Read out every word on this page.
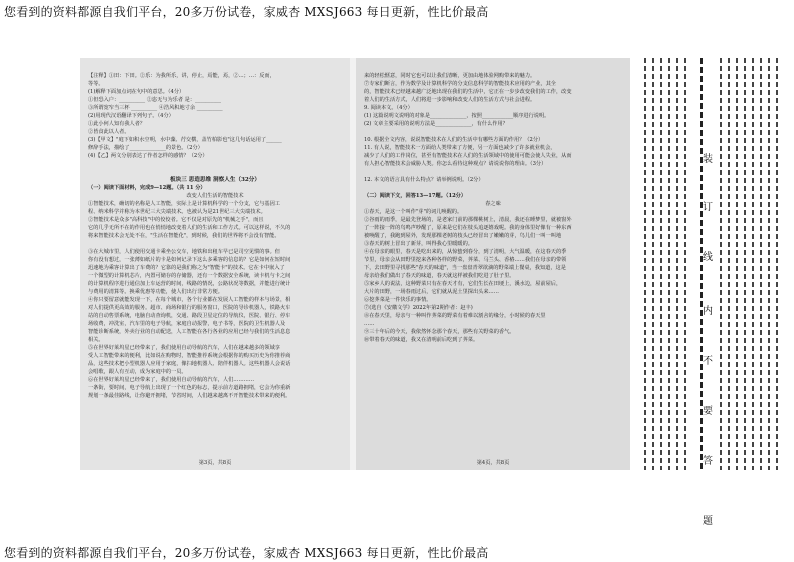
您看到的资料都源自我们平台，20多万份试卷，家威杏 MXSJ663 每日更新，性比价最高
【注释】①田：下田。②乐：为我所乐，讲，停止，焉能，焉，②…；…：反而，
等等。
(1)解释下面加点词在句中的意思。（4分）
①但恐入户：__________ ②恣无与为乐者 是：__________
③所谓宽窄当三杯 __________ ④浩风积地寸余 __________
(2)用现代汉语翻译下列句子。（4分）
①此小何人知有我人者？
②皆食此以人者。
(3)【甲文】"庭下如积水空明，水中藻、荇交横，盖竹柏影也"这几句话运用了______
修辞手法，描绘了______________的景色。（2分）
(4)【乙】两文分别表达了作者怎样的感情？（2分）

板块三 思造思维 洞察人生（32分）
（一）阅读下面材料，完成9—12题。（共 11 分）
改变人们生活的智能技术
①智能技术，确切的名称是人工智能，实际上是计算机科学的一个分支，它与基因工
程、纳米科学并称为本世纪三大尖端技术。也被认为是21世纪三大尖端技术。
②智能技术是众多"高科技"中的佼佼者。它不仅是对原先的"机械之手"，而且
它的几乎无所不在的作用也在悄悄地改变着人们的生活和工作方式。可以这样说，不久的
将来智能技术会无处不在，"生活在智能化"，到时候，我们的世界将不会没有智能。

③在大城市里，人们使用交通卡乘坐公交车，地铁和出租车早已是司空见惯的事。但
你有没有想过，一张薄如纸片的卡是如何记录下这么多乘客的信息的？它是如何在短时间
迅速地为乘客计算出了车费的？它靠的是我们称之为"智能卡"的技术。它在卡中嵌入了
一个微型的计算机芯片，内置可储存的存储器，还有一个数据安全系统，读卡机与卡之间
的计算机程序进行通信加上车运营的时间，线路的情况，公路状况等数据，并能进行统计
与费用的清算等。换乘优惠等功能，使人们出行非常方便。
④你只要留意就能发现一下，在每个城市，各个行业都在发展人工智能的样本与场景，相
对人们提供更高效的服务。超市、商场和银行的服务窗口，医院的导诊机器人，铁路火车
站的自动售票系统，电脑自动查询机，交通、路段卫星定位的导航仪，医院、银行、停车
场收费，冲洗室，汽车里的电子导航，家庭自动报警，电子书等，医院的卫生机器人及
智能诊断系统，外卖行业的自动配送，人工智能在各行各业的应用已经与我们的生活息息
相关。
⑤在世界好莱坞星已经带来了，我们使用自动导航的汽车，人们在越来越多的领域享
受人工智能带来的便利，比如说在购物时，智能推荐系统会根据你的购买历史为你推荐商
品，这些技术把小型机器人应用于家庭，像扫地机器人、陪伴机器人。这些机器人会说话
会唱歌，跟人有互动，成为家庭中的一员。
⑥在世界好莱坞星已经带来了，我们使用自动导航的汽车，人们…………
一条街，要时间，电子导航上出现了一个红色的标志，提示前方道路拥堵，它会为你重新
规划一条最佳路线，让你避开拥堵，节省时间，人们越来越离不开智能技术带来的便利。
第3页，共8页
来的轻松惬意，同时它也可以让我们清晰，更加由地体验网购带来的魅力。
⑦专家们断言，作为数学及计算机科学的分支信息科学的智能技术应用的产业，其全
的，智能技术已经越来越广泛地出现在我们的生活中，它正在一步步改变我们的工作，改变
着人们的生活方式，人们将进一步影响和改变人们的生活方式与社会进程。
9. 阅读本文。（4分）
(1) 这篇说明文说明的对象是______________，按照____________顺序进行说明。
(2) 文章主要采用的说明方法是______________，有什么作用？

10. 根据全文内容，说说智能技术在人们的生活中有哪些方面的作用？（2分）
11. 有人说，智能技术一方面给人类带来了方便，另一方面也减少了许多就业机会，
减少了人们的工作岗位，甚至有智能技术在人们的生活领域中的使用可能会使人失业，从而
有人担心智能技术会威胁人类。你怎么看待这种观点？请说说你的理由。（3分）

12. 本文的语言具有什么特点？请举例说明。（2分）

（二）阅读下文，回答13—17题。（12分）
春之味
①春天，是这一个叫作"芽"的词儿唤醒的。
②谷雨的雨季，是最先登场的，是老家门前的那棵桃树上，清晨，我还在睡梦里，就被窗外
了一阵接一阵的鸟鸣声吵醒了，原来是它们在枝头追逐嬉戏呢。我的身体里好像有一种东西
被唤醒了，我跑到屋外，发现那棵老树的枝头已经冒出了嫩嫩的芽，鸟儿们一叫一叫地
③春天的树上冒出了新芽，叫得我心里暖暖的。
④在母亲的眼里，春天是吃出来的，从惊蛰到春分，到了清明，大气温暖，在这春天的季
节里，母亲会从田野里挖来各种各样的野菜，荠菜、马兰头、香椿……我们在母亲的带领
下，去田野里寻找那些"春天的味道"，当一盘盘青翠欲滴的野菜端上餐桌，我知道，这是
母亲给我们做出了春天的味道，春天就这样被我们吃进了肚子里。
⑤家乡人的说法，这种野菜只有在春天才有，它们生长在田埂上，溪水边，屋前屋后，
大片的田野，一场春雨过后，它们就从泥土里探出头来……
⑥挖荠菜是一件快乐的事情。
⑦(选自《安徽文学》2022年第2期作者：赵丰)
⑧在春天里，母亲与一种叫作荠菜的野菜有着难以割舍的缘分，小时候的春天里
……
⑨三十年后的今天，我依然怀念那个春天，那些有关野菜的香气。
⑩带着春天的味道，我又在清明前后吃到了荠菜。
第4页，共8页
装
订
线
内
不
要
答
题
您看到的资料都源自我们平台，20多万份试卷，家威杏 MXSJ663 每日更新，性比价最高
